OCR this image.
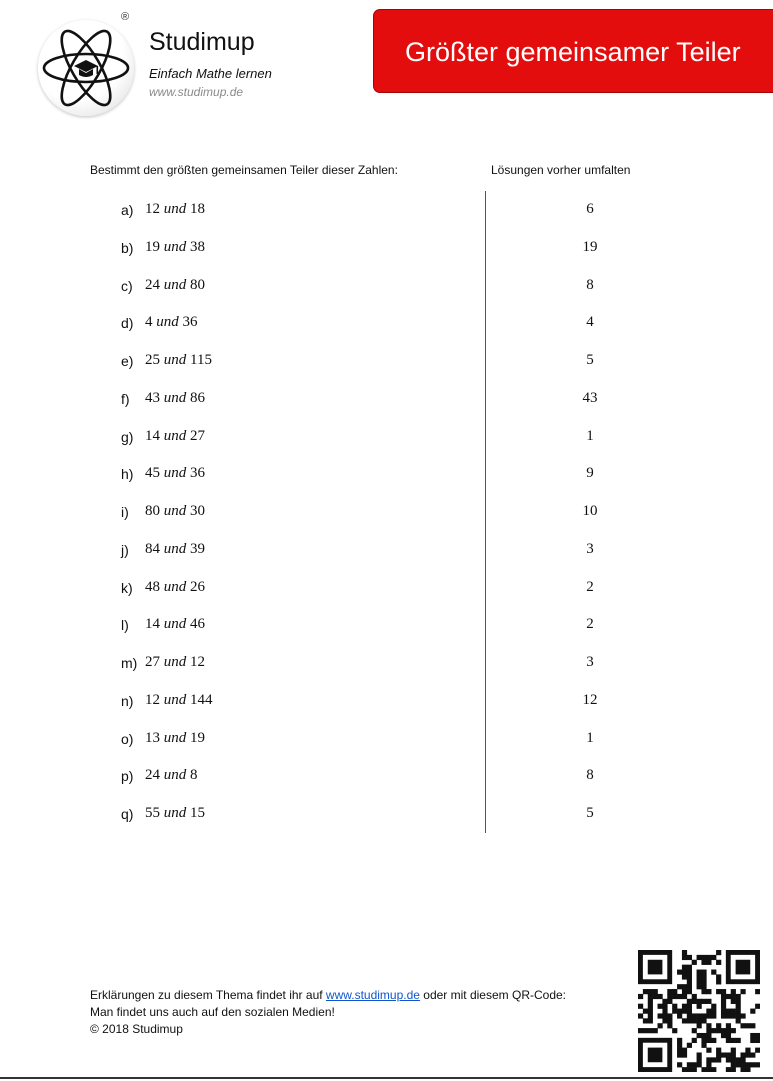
®
Studimup
Einfach Mathe lernen
www.studimup.de
Größter gemeinsamer Teiler
Bestimmt den größten gemeinsamen Teiler dieser Zahlen:	Lösungen vorher umfalten
a) 12 und 18	6
b) 19 und 38	19
c) 24 und 80	8
d) 4 und 36	4
e) 25 und 115	5
f) 43 und 86	43
g) 14 und 27	1
h) 45 und 36	9
i) 80 und 30	10
j) 84 und 39	3
k) 48 und 26	2
l) 14 und 46	2
m) 27 und 12	3
n) 12 und 144	12
o) 13 und 19	1
p) 24 und 8	8
q) 55 und 15	5
Erklärungen zu diesem Thema findet ihr auf www.studimup.de oder mit diesem QR-Code:
Man findet uns auch auf den sozialen Medien!
© 2018 Studimup
